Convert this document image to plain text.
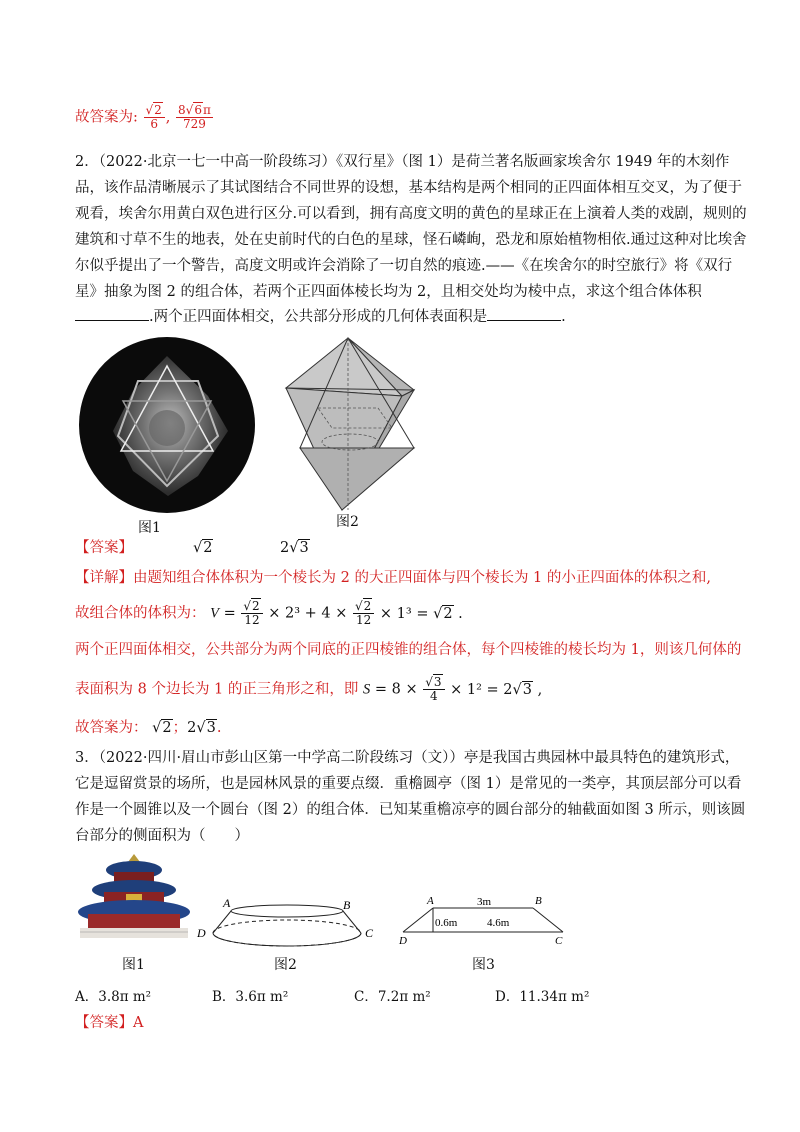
故答案为: $\frac{√2}{6}$ , $\frac{8√6\pi}{729}$
2．（2022·北京一七一中高一阶段练习）《双行星》（图 1）是荷兰著名版画家埃舍尔 1949 年的木刻作
品，该作品清晰展示了其试图结合不同世界的设想，基本结构是两个相同的正四面体相互交叉，为了便于
观看，埃舍尔用黄白双色进行区分.可以看到，拥有高度文明的黄色的星球正在上演着人类的戏剧，规则的
建筑和寸草不生的地表，处在史前时代的白色的星球，怪石嶙峋，恐龙和原始植物相依.通过这种对比埃舍
尔似乎提出了一个警告，高度文明或许会消除了一切自然的痕迹.——《在埃舍尔的时空旅行》将《双行
星》抽象为图 2 的组合体，若两个正四面体棱长均为 2，且相交处均为棱中点，求这个组合体体积
.两个正四面体相交，公共部分形成的几何体表面积是	.
图1	图2
【答案】	√2	2√3
【详解】由题知组合体体积为一个棱长为 2 的大正四面体与四个棱长为 1 的小正四面体的体积之和,
故组合体的体积为： $V = \frac{√2}{12} \times 2^3 + 4 \times \frac{√2}{12} \times 1^3 = √2$ .
两个正四面体相交，公共部分为两个同底的正四棱锥的组合体，每个四棱锥的棱长均为 1，则该几何体的
表面积为 8 个边长为 1 的正三角形之和，即 $S = 8 \times \frac{√3}{4} \times 1^2 = 2√3$ ,
故答案为： √2；2√3.
3．（2022·四川·眉山市彭山区第一中学高二阶段练习（文））亭是我国古典园林中最具特色的建筑形式，
它是逗留赏景的场所，也是园林风景的重要点缀．重檐圆亭（图 1）是常见的一类亭，其顶层部分可以看
作是一个圆锥以及一个圆台（图 2）的组合体．已知某重檐凉亭的圆台部分的轴截面如图 3 所示，则该圆
台部分的侧面积为（　　）
图1
A	B
D	C
图2
A	B
D	C
3m
0.6m	4.6m
图3
A．3.8π m²	B．3.6π m²	C．7.2π m²	D．11.34π m²
【答案】A
